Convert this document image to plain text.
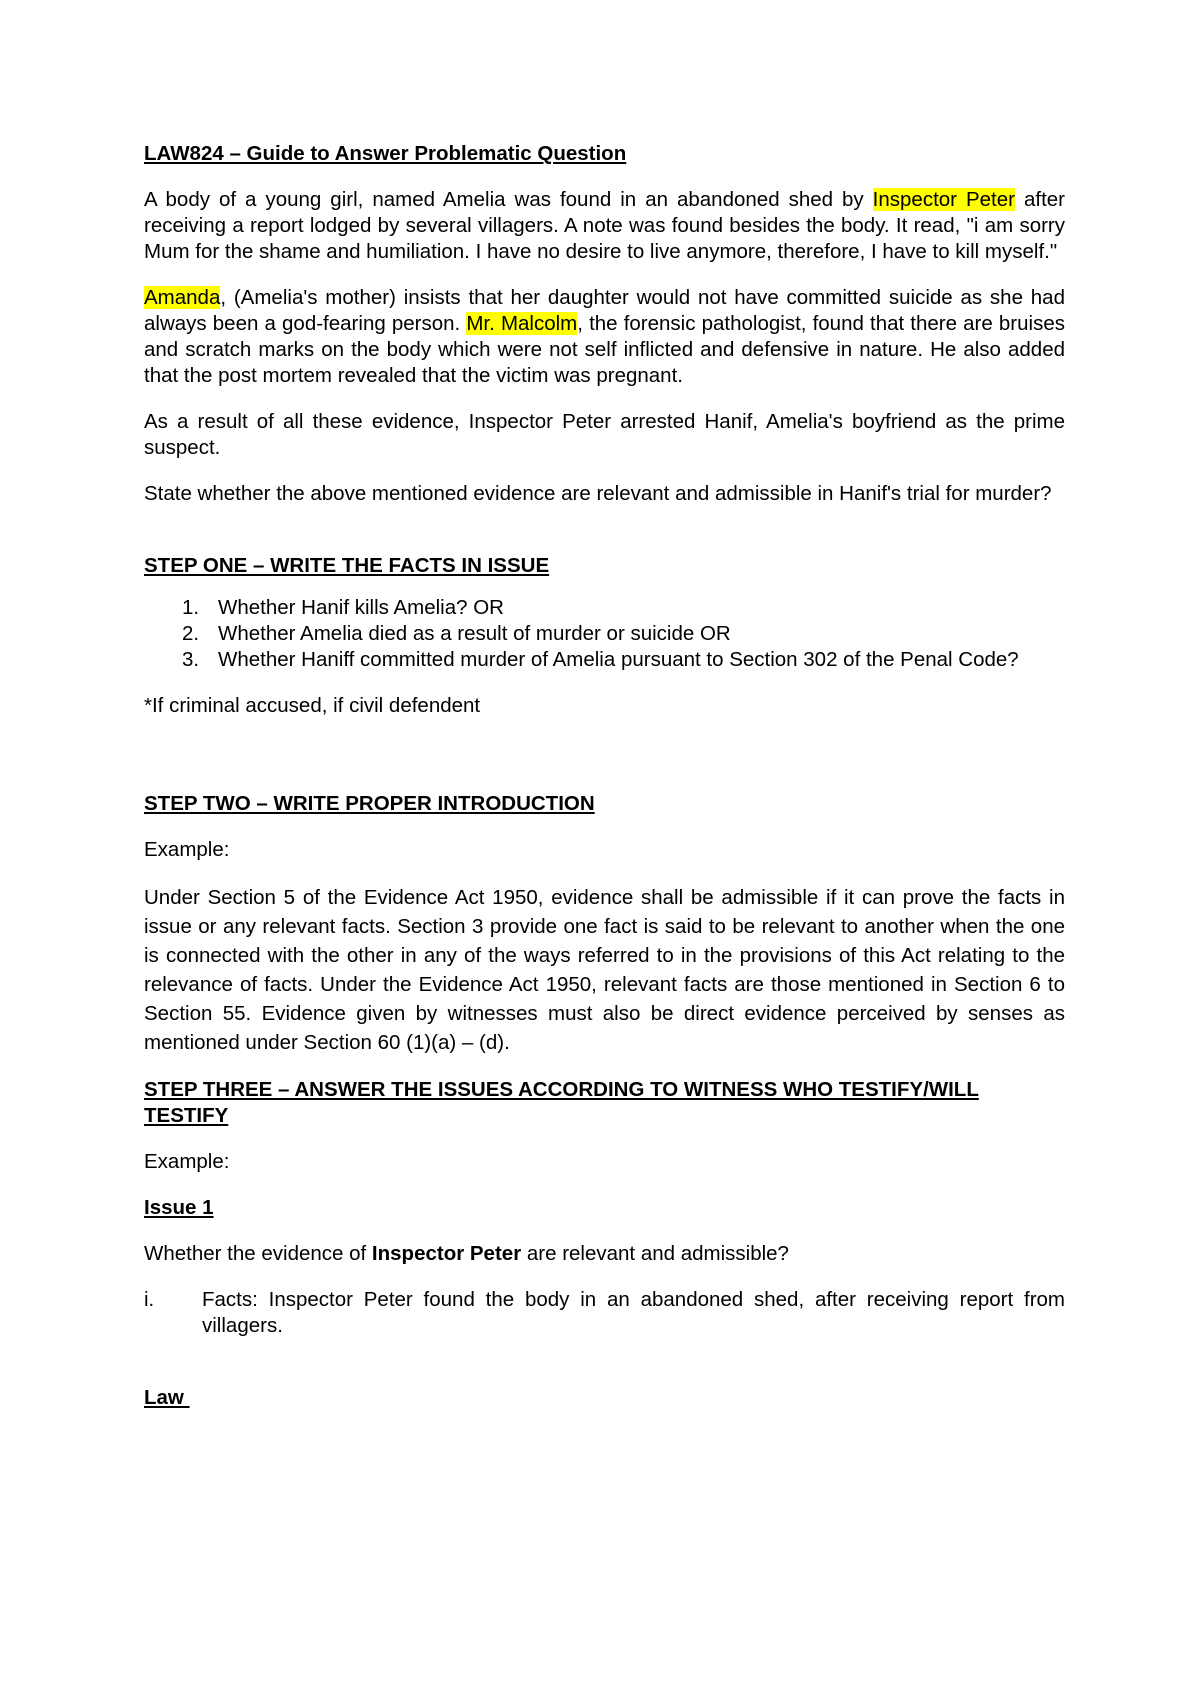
LAW824 – Guide to Answer Problematic Question

A body of a young girl, named Amelia was found in an abandoned shed by Inspector Peter after receiving a report lodged by several villagers. A note was found besides the body. It read, "i am sorry Mum for the shame and humiliation. I have no desire to live anymore, therefore, I have to kill myself."

Amanda, (Amelia's mother) insists that her daughter would not have committed suicide as she had always been a god-fearing person. Mr. Malcolm, the forensic pathologist, found that there are bruises and scratch marks on the body which were not self inflicted and defensive in nature. He also added that the post mortem revealed that the victim was pregnant.

As a result of all these evidence, Inspector Peter arrested Hanif, Amelia's boyfriend as the prime suspect.

State whether the above mentioned evidence are relevant and admissible in Hanif's trial for murder?

STEP ONE – WRITE THE FACTS IN ISSUE

1. Whether Hanif kills Amelia? OR
2. Whether Amelia died as a result of murder or suicide OR
3. Whether Haniff committed murder of Amelia pursuant to Section 302 of the Penal Code?

*If criminal accused, if civil defendent

STEP TWO – WRITE PROPER INTRODUCTION

Example:

Under Section 5 of the Evidence Act 1950, evidence shall be admissible if it can prove the facts in issue or any relevant facts. Section 3 provide one fact is said to be relevant to another when the one is connected with the other in any of the ways referred to in the provisions of this Act relating to the relevance of facts. Under the Evidence Act 1950, relevant facts are those mentioned in Section 6 to Section 55. Evidence given by witnesses must also be direct evidence perceived by senses as mentioned under Section 60 (1)(a) – (d).

STEP THREE – ANSWER THE ISSUES ACCORDING TO WITNESS WHO TESTIFY/WILL TESTIFY

Example:

Issue 1

Whether the evidence of Inspector Peter are relevant and admissible?

i. Facts: Inspector Peter found the body in an abandoned shed, after receiving report from villagers.

Law
